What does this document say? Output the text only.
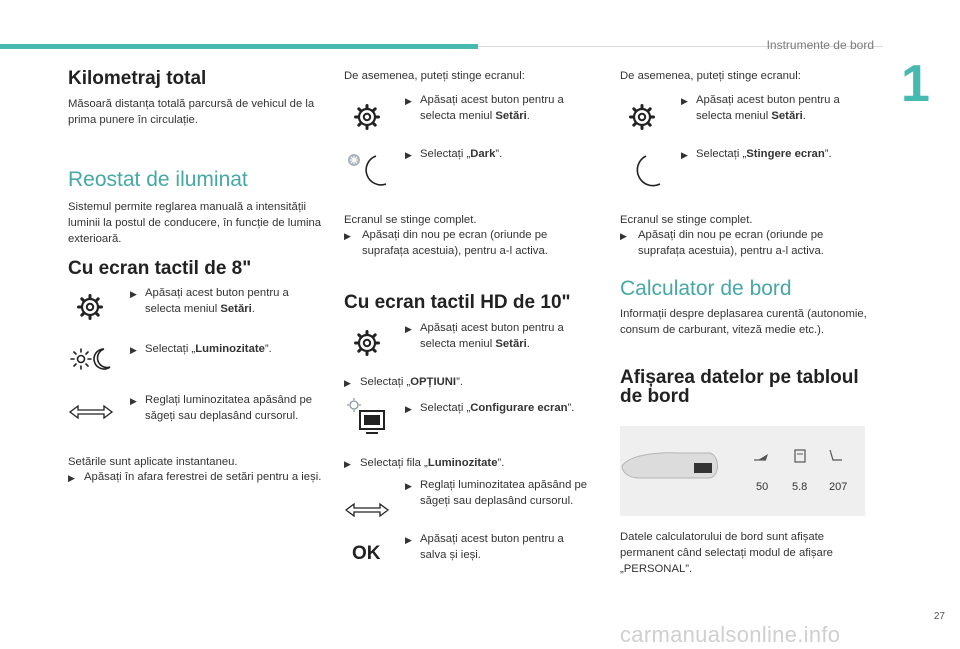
Instrumente de bord
1
Kilometraj total
Măsoară distanța totală parcursă de vehicul de la prima punere în circulație.
Reostat de iluminat
Sistemul permite reglarea manuală a intensității luminii la postul de conducere, în funcție de lumina exterioară.
Cu ecran tactil de 8"
▶ Apăsați acest buton pentru a selecta meniul Setări.
▶ Selectați „Luminozitate”.
▶ Reglați luminozitatea apăsând pe săgeți sau deplasând cursorul.
Setările sunt aplicate instantaneu.
▶ Apăsați în afara ferestrei de setări pentru a ieși.
De asemenea, puteți stinge ecranul:
▶ Apăsați acest buton pentru a selecta meniul Setări.
▶ Selectați „Dark”.
Ecranul se stinge complet.
▶ Apăsați din nou pe ecran (oriunde pe suprafața acestuia), pentru a-l activa.
Cu ecran tactil HD de 10"
▶ Apăsați acest buton pentru a selecta meniul Setări.
▶ Selectați „OPȚIUNI”.
▶ Selectați „Configurare ecran”.
▶ Selectați fila „Luminozitate”.
▶ Reglați luminozitatea apăsând pe săgeți sau deplasând cursorul.
OK
▶ Apăsați acest buton pentru a salva și ieși.
De asemenea, puteți stinge ecranul:
▶ Apăsați acest buton pentru a selecta meniul Setări.
▶ Selectați „Stingere ecran”.
Ecranul se stinge complet.
▶ Apăsați din nou pe ecran (oriunde pe suprafața acestuia), pentru a-l activa.
Calculator de bord
Informații despre deplasarea curentă (autonomie, consum de carburant, viteză medie etc.).
Afișarea datelor pe tabloul de bord
50 5.8 207
Datele calculatorului de bord sunt afișate permanent când selectați modul de afișare „PERSONAL”.
27
carmanualsonline.info
